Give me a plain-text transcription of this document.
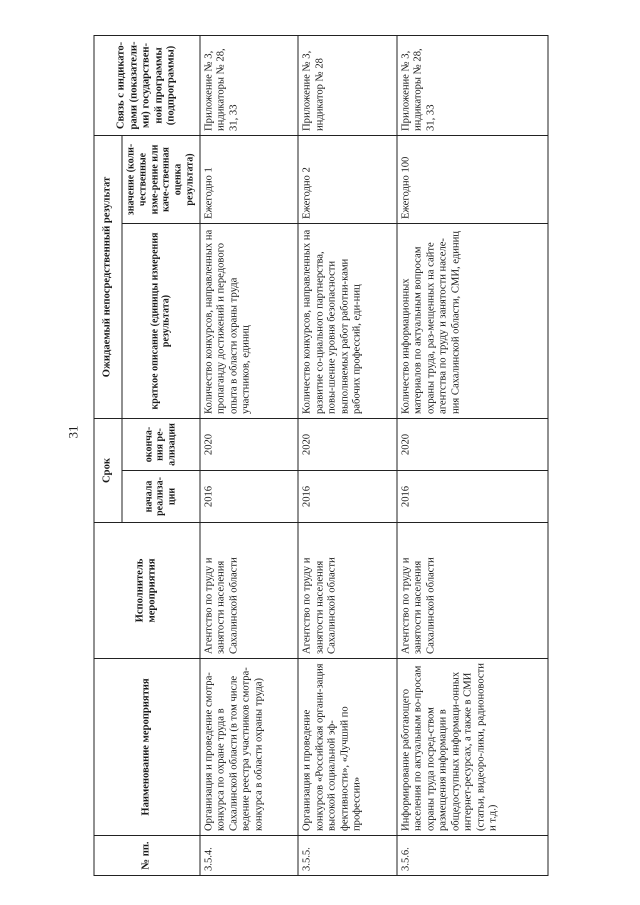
31
№ пп.	Наименование мероприятия	Исполнитель мероприятия	Срок		Ожидаемый непосредственный результат		Связь с индикато-рами (показатели-ми) государствен-ной программы (подпрограммы)
			начала реализа-ции	оконча-ния ре-ализации	краткое описание (единицы измерения результата)	значение (коли-чественные изме-рение или каче-ственная оценка результата)	
3.5.4.	Организация и проведение смотра-конкурса по охране труда в Сахалинской области (в том числе ведение реестра участников смотра-конкурса в области охраны труда)	Агентство по труду и занятости населения Сахалинской области	2016	2020	Количество конкурсов, направленных на пропаганду достижений и передового опыта в области охраны труда участников, единиц	Ежегодно 1	Приложение № 3, индикаторы № 28, 31, 33
3.5.5.	Организация и проведение конкурсов «Российская органи-зация высокой социальной эф-фективности», «Лучший по профессии»	Агентство по труду и занятости населения Сахалинской области	2016	2020	Количество конкурсов, направленных на развитие со-циального партнерства, повы-шение уровня безопасности выполняемых работ работни-ками рабочих профессий, еди-ниц	Ежегодно 2	Приложение № 3, индикатор № 28
3.5.6.	Информирование работающего населения по актуальным во-просам охраны труда посред-ством размещения информации в общедоступных информаци-онных интернет-ресурсах, а также в СМИ (статьи, видеоро-лики, радионовости и т.д.)	Агентство по труду и занятости населения Сахалинской области	2016	2020	Количество информационных материалов по актуальным вопросам охраны труда, раз-мещенных на сайте агентства по труду и занятости населе-ния Сахалинской области, СМИ, единиц	Ежегодно 100	Приложение № 3, индикаторы № 28, 31, 33
